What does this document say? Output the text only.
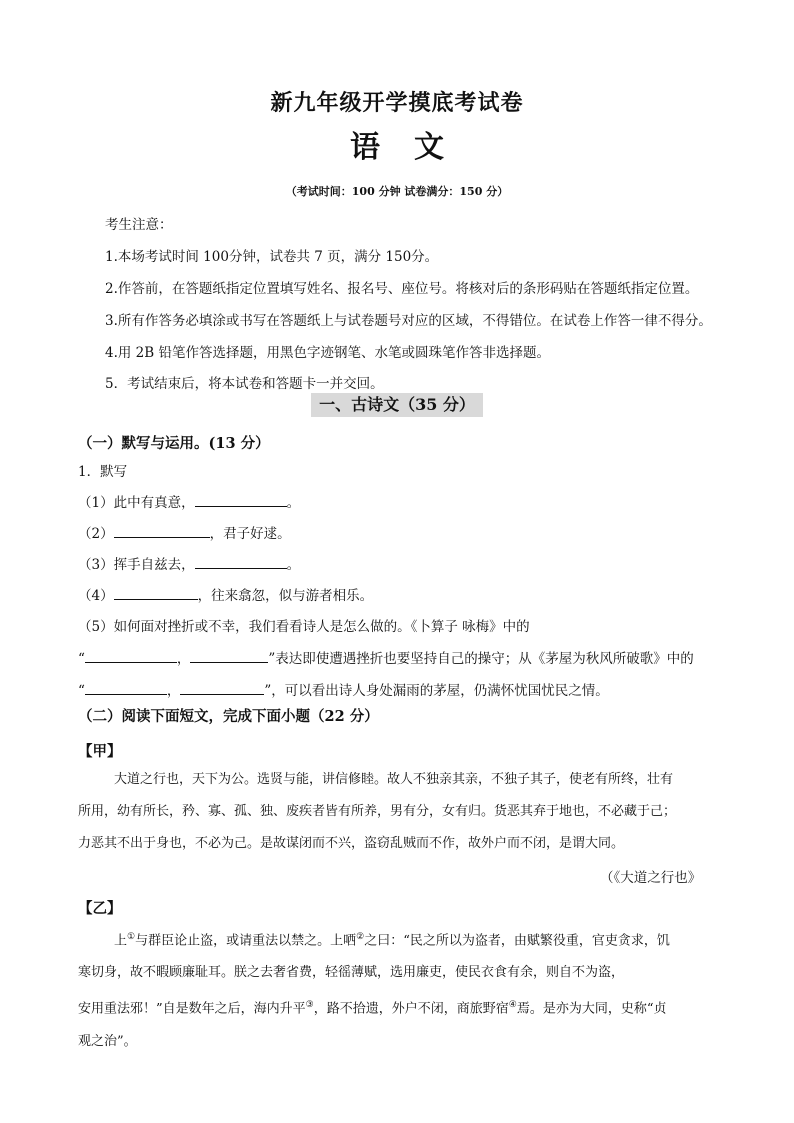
新九年级开学摸底考试卷
语文
（考试时间：100 分钟 试卷满分：150 分）
考生注意：
1.本场考试时间 100分钟，试卷共 7 页，满分 150分。
2.作答前，在答题纸指定位置填写姓名、报名号、座位号。将核对后的条形码贴在答题纸指定位置。
3.所有作答务必填涂或书写在答题纸上与试卷题号对应的区域，不得错位。在试卷上作答一律不得分。
4.用 2B 铅笔作答选择题，用黑色字迹钢笔、水笔或圆珠笔作答非选择题。
5．考试结束后，将本试卷和答题卡一并交回。
一、古诗文（35 分）
（一）默写与运用。(13 分）
1．默写
（1）此中有真意，	。
（2）	，君子好逑。
（3）挥手自兹去，	。
（4）	，往来翕忽，似与游者相乐。
（5）如何面对挫折或不幸，我们看看诗人是怎么做的。《卜算子 咏梅》中的
“	，	”表达即使遭遇挫折也要坚持自己的操守；从《茅屋为秋风所破歌》中的
“	，	”，可以看出诗人身处漏雨的茅屋，仍满怀忧国忧民之情。
（二）阅读下面短文，完成下面小题（22 分）
【甲】

大道之行也，天下为公。选贤与能，讲信修睦。故人不独亲其亲，不独子其子，使老有所终，壮有

所用，幼有所长，矜、寡、孤、独、废疾者皆有所养，男有分，女有归。货恶其弃于地也，不必藏于己；

力恶其不出于身也，不必为己。是故谋闭而不兴，盗窃乱贼而不作，故外户而不闭，是谓大同。

（《大道之行也》
【乙】

上①与群臣论止盗，或请重法以禁之。上哂②之曰：“民之所以为盗者，由赋繁役重，官吏贪求，饥

寒切身，故不暇顾廉耻耳。朕之去奢省费，轻徭薄赋，选用廉吏，使民衣食有余，则自不为盗，

安用重法邪！”自是数年之后，海内升平③，路不拾遗，外户不闭，商旅野宿④焉。是亦为大同，史称“贞

观之治”。
